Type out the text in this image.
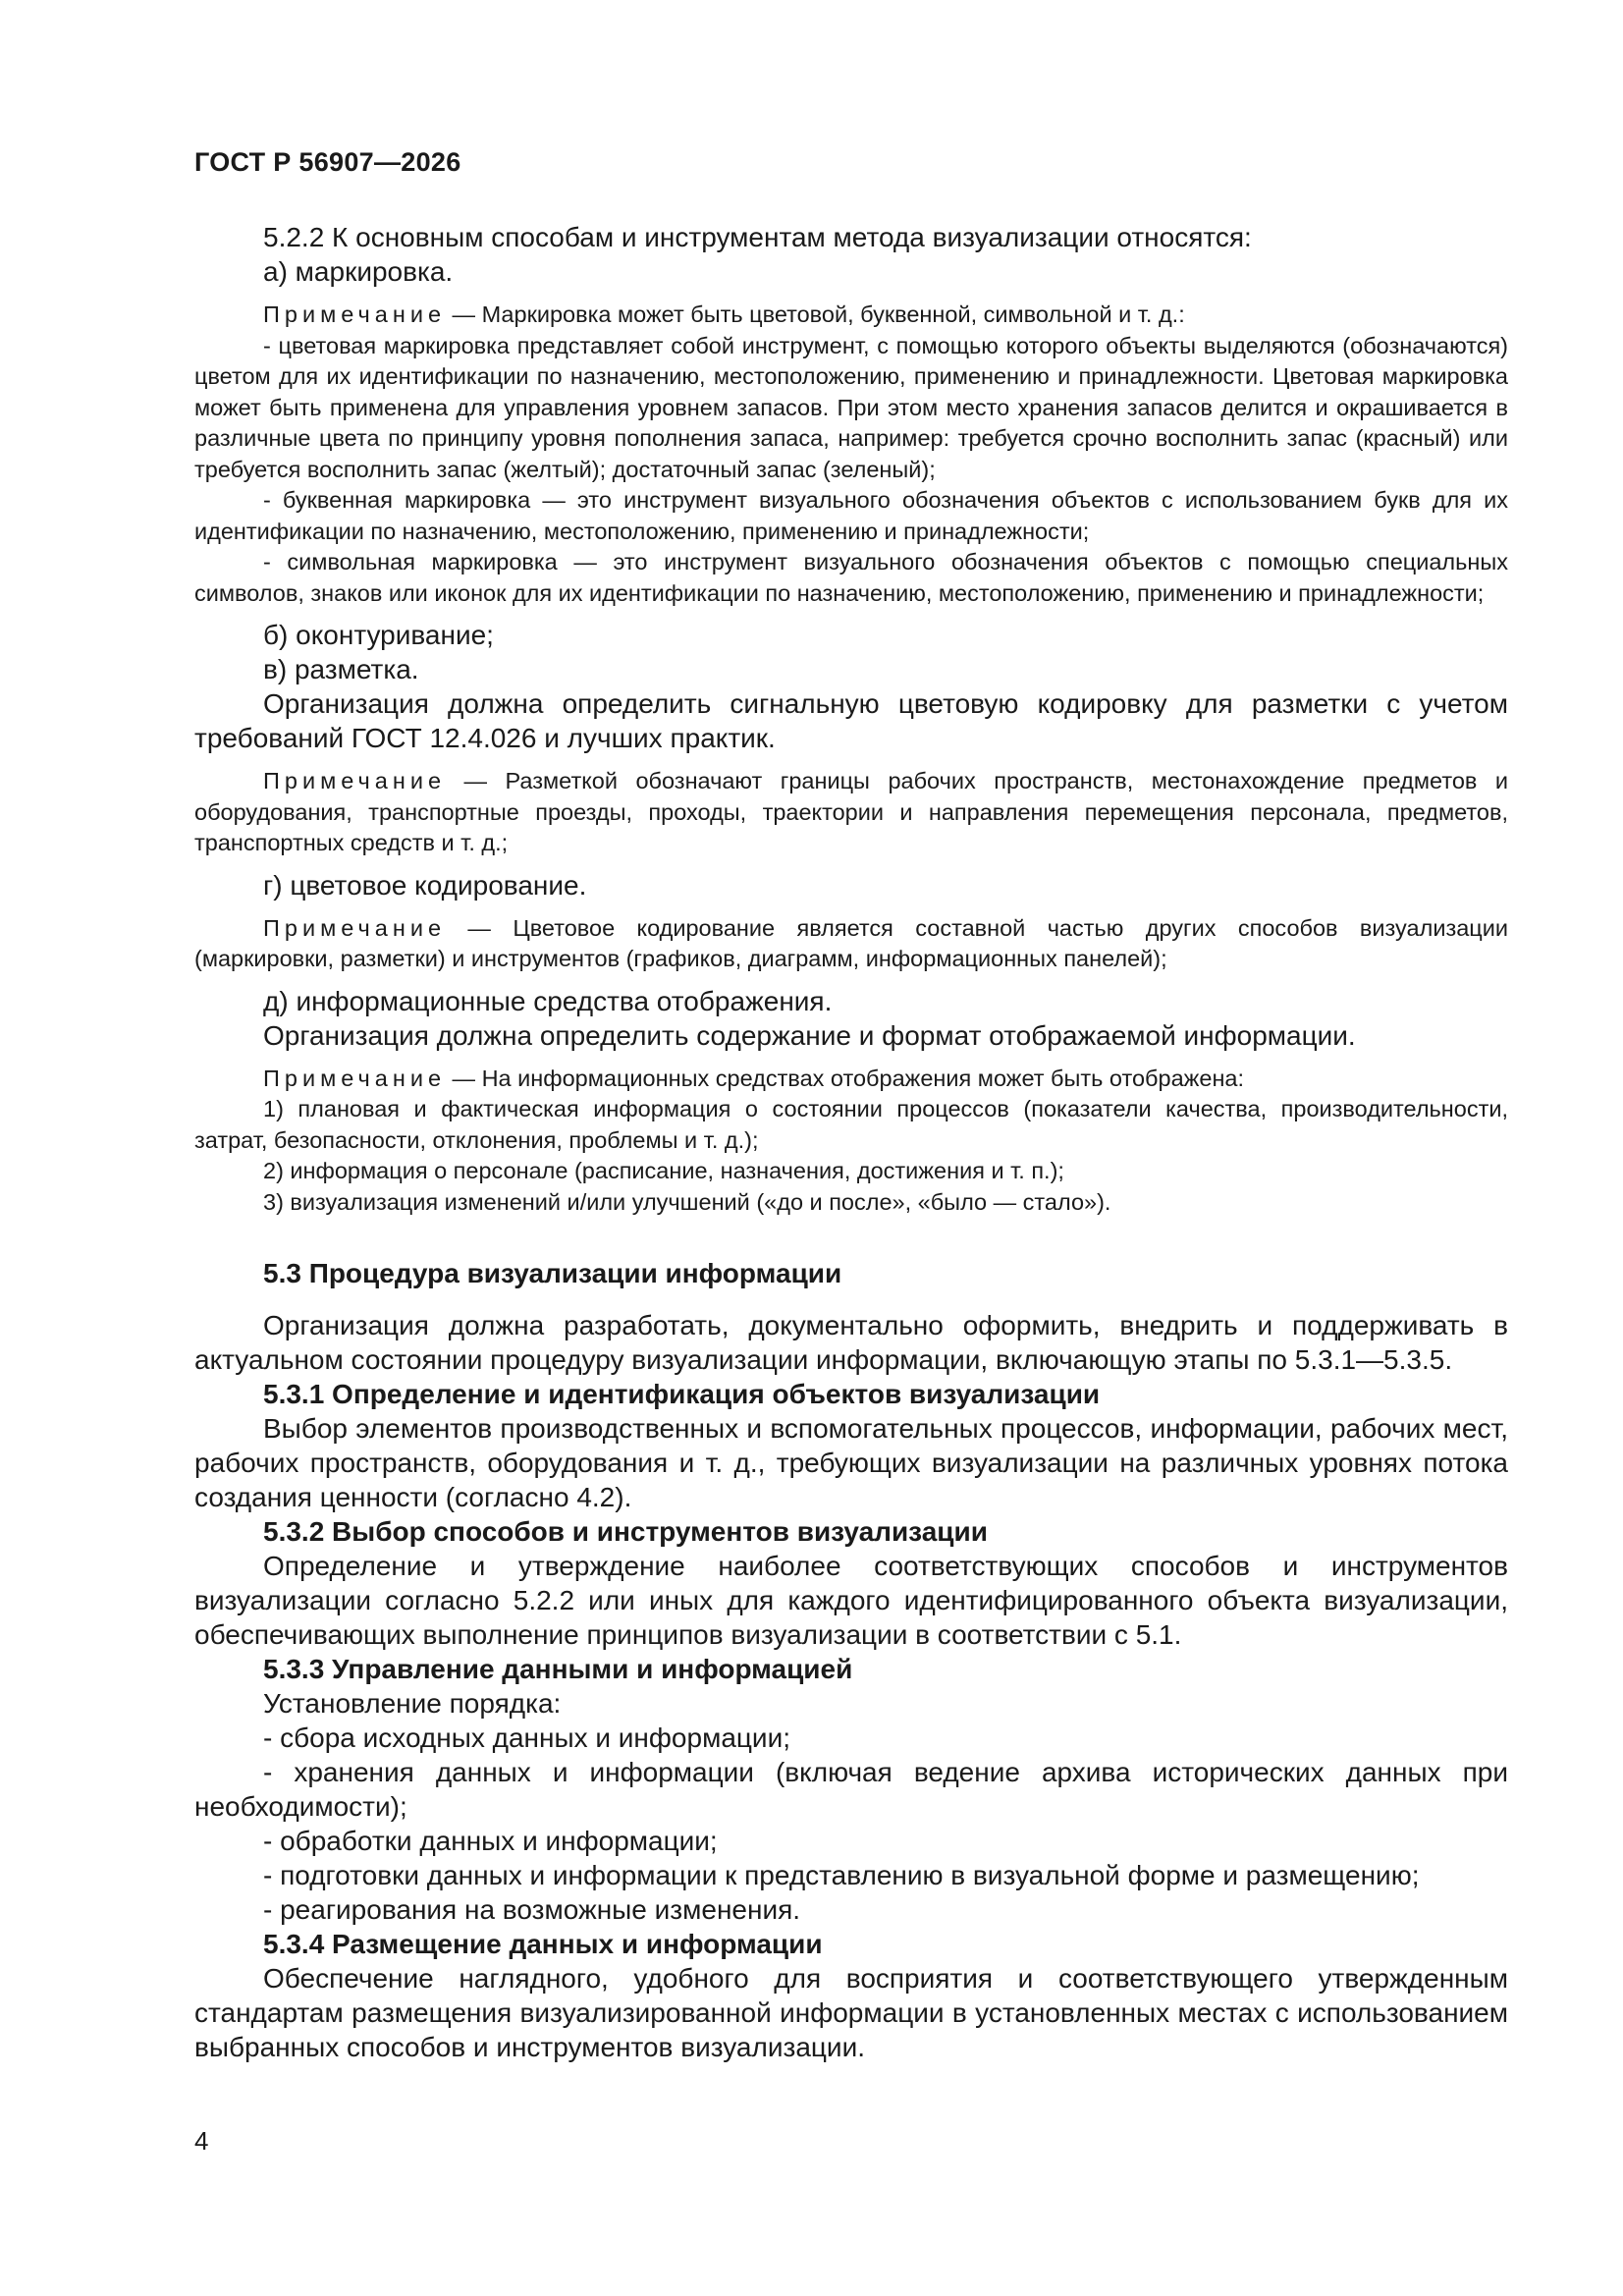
ГОСТ Р 56907—2026

5.2.2 К основным способам и инструментам метода визуализации относятся:

а) маркировка.

Примечание — Маркировка может быть цветовой, буквенной, символьной и т. д.:

- цветовая маркировка представляет собой инструмент, с помощью которого объекты выделяются (обозначаются) цветом для их идентификации по назначению, местоположению, применению и принадлежности. Цветовая маркировка может быть применена для управления уровнем запасов. При этом место хранения запасов делится и окрашивается в различные цвета по принципу уровня пополнения запаса, например: требуется срочно восполнить запас (красный) или требуется восполнить запас (желтый); достаточный запас (зеленый);

- буквенная маркировка — это инструмент визуального обозначения объектов с использованием букв для их идентификации по назначению, местоположению, применению и принадлежности;

- символьная маркировка — это инструмент визуального обозначения объектов с помощью специальных символов, знаков или иконок для их идентификации по назначению, местоположению, применению и принадлежности;

б) оконтуривание;

в) разметка.

Организация должна определить сигнальную цветовую кодировку для разметки с учетом требований ГОСТ 12.4.026 и лучших практик.

Примечание — Разметкой обозначают границы рабочих пространств, местонахождение предметов и оборудования, транспортные проезды, проходы, траектории и направления перемещения персонала, предметов, транспортных средств и т. д.;

г) цветовое кодирование.

Примечание — Цветовое кодирование является составной частью других способов визуализации (маркировки, разметки) и инструментов (графиков, диаграмм, информационных панелей);

д) информационные средства отображения.

Организация должна определить содержание и формат отображаемой информации.

Примечание — На информационных средствах отображения может быть отображена:

1) плановая и фактическая информация о состоянии процессов (показатели качества, производительности, затрат, безопасности, отклонения, проблемы и т. д.);

2) информация о персонале (расписание, назначения, достижения и т. п.);

3) визуализация изменений и/или улучшений («до и после», «было — стало»).

5.3 Процедура визуализации информации

Организация должна разработать, документально оформить, внедрить и поддерживать в актуальном состоянии процедуру визуализации информации, включающую этапы по 5.3.1—5.3.5.

5.3.1 Определение и идентификация объектов визуализации

Выбор элементов производственных и вспомогательных процессов, информации, рабочих мест, рабочих пространств, оборудования и т. д., требующих визуализации на различных уровнях потока создания ценности (согласно 4.2).

5.3.2 Выбор способов и инструментов визуализации

Определение и утверждение наиболее соответствующих способов и инструментов визуализации согласно 5.2.2 или иных для каждого идентифицированного объекта визуализации, обеспечивающих выполнение принципов визуализации в соответствии с 5.1.

5.3.3 Управление данными и информацией

Установление порядка:

- сбора исходных данных и информации;

- хранения данных и информации (включая ведение архива исторических данных при необходимости);

- обработки данных и информации;

- подготовки данных и информации к представлению в визуальной форме и размещению;

- реагирования на возможные изменения.

5.3.4 Размещение данных и информации

Обеспечение наглядного, удобного для восприятия и соответствующего утвержденным стандартам размещения визуализированной информации в установленных местах с использованием выбранных способов и инструментов визуализации.

4
